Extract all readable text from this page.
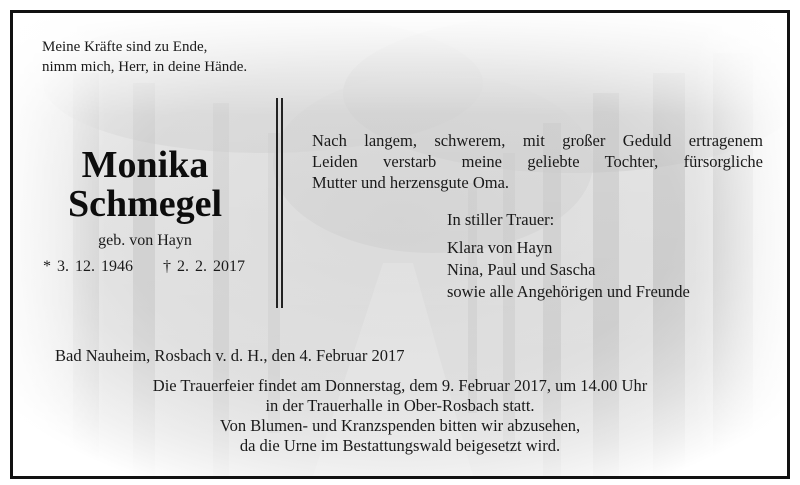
Meine Kräfte sind zu Ende,
nimm mich, Herr, in deine Hände.
Monika
Schmegel
geb. von Hayn
* 3. 12. 1946 † 2. 2. 2017
Nach langem, schwerem, mit großer Geduld ertragenem
Leiden verstarb meine geliebte Tochter, fürsorgliche
Mutter und herzensgute Oma.
In stiller Trauer:
Klara von Hayn
Nina, Paul und Sascha
sowie alle Angehörigen und Freunde
Bad Nauheim, Rosbach v. d. H., den 4. Februar 2017
Die Trauerfeier findet am Donnerstag, dem 9. Februar 2017, um 14.00 Uhr
in der Trauerhalle in Ober-Rosbach statt.
Von Blumen- und Kranzspenden bitten wir abzusehen,
da die Urne im Bestattungswald beigesetzt wird.
